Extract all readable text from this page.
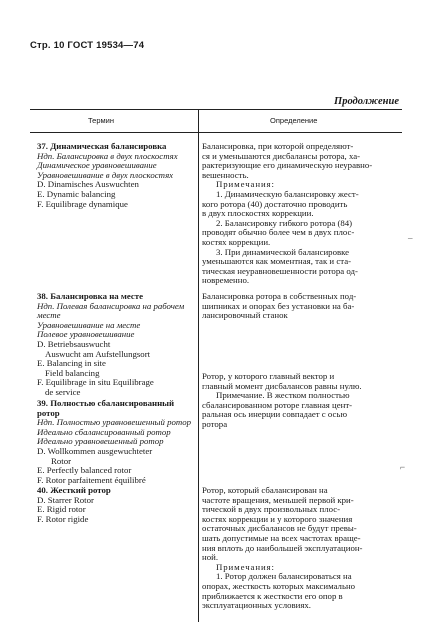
Стр. 10 ГОСТ 19534—74
Продолжение
Термин	Определение
37. Динамическая балансировка
Ндп. Балансировка в двух плоскостях
Динамическое уравновешивание
Уравновешивание в двух плоскостях
D. Dinamisches Auswuchten
E. Dynamic balancing
F. Equilibrage dynamique
Балансировка, при которой определяют-
ся и уменьшаются дисбалансы ротора, ха-
рактеризующие его динамическую неуравно-
вешенность.
Примечания:
1. Динамическую балансировку жест-
кого ротора (40) достаточно проводить
в двух плоскостях коррекции.
2. Балансировку гибкого ротора (84)
проводят обычно более чем в двух плос-
костях коррекции.
3. При динамической балансировке
уменьшаются как моментная, так и ста-
тическая неуравновешенности ротора од-
новременно.
38. Балансировка на месте
Ндп. Полевая балансировка на рабочем месте
Уравновешивание на месте
Полевое уравновешивание
D. Betriebsauswucht
Auswucht am Aufstellungsort
E. Balancing in site
Field balancing
F. Equilibrage in situ Equilibrage
de service
Балансировка ротора в собственных под-
шипниках и опорах без установки на ба-
лансировочный станок
39. Полностью сбалансированный ротор
Ндп. Полностью уравновешенный ротор
Идеально сбалансированный ротор
Идеально уравновешенный ротор
D. Wollkommen ausgewuchteter
Rotor
E. Perfectly balanced rotor
F. Rotor parfaitement équilibré
Ротор, у которого главный вектор и
главный момент дисбалансов равны нулю.
Примечание. В жестком полностью
сбалансированном роторе главная цент-
ральная ось инерции совпадает с осью
ротора
40. Жесткий ротор
D. Starrer Rotor
E. Rigid rotor
F. Rotor rigide
Ротор, который сбалансирован на
частоте вращения, меньшей первой кри-
тической в двух произвольных плос-
костях коррекции и у которого значения
остаточных дисбалансов не будут превы-
шать допустимые на всех частотах враще-
ния вплоть до наибольшей эксплуатацион-
ной.
Примечания:
1. Ротор должен балансироваться на
опорах, жесткость которых максимально
приближается к жесткости его опор в
эксплуатационных условиях.
–
⌐
